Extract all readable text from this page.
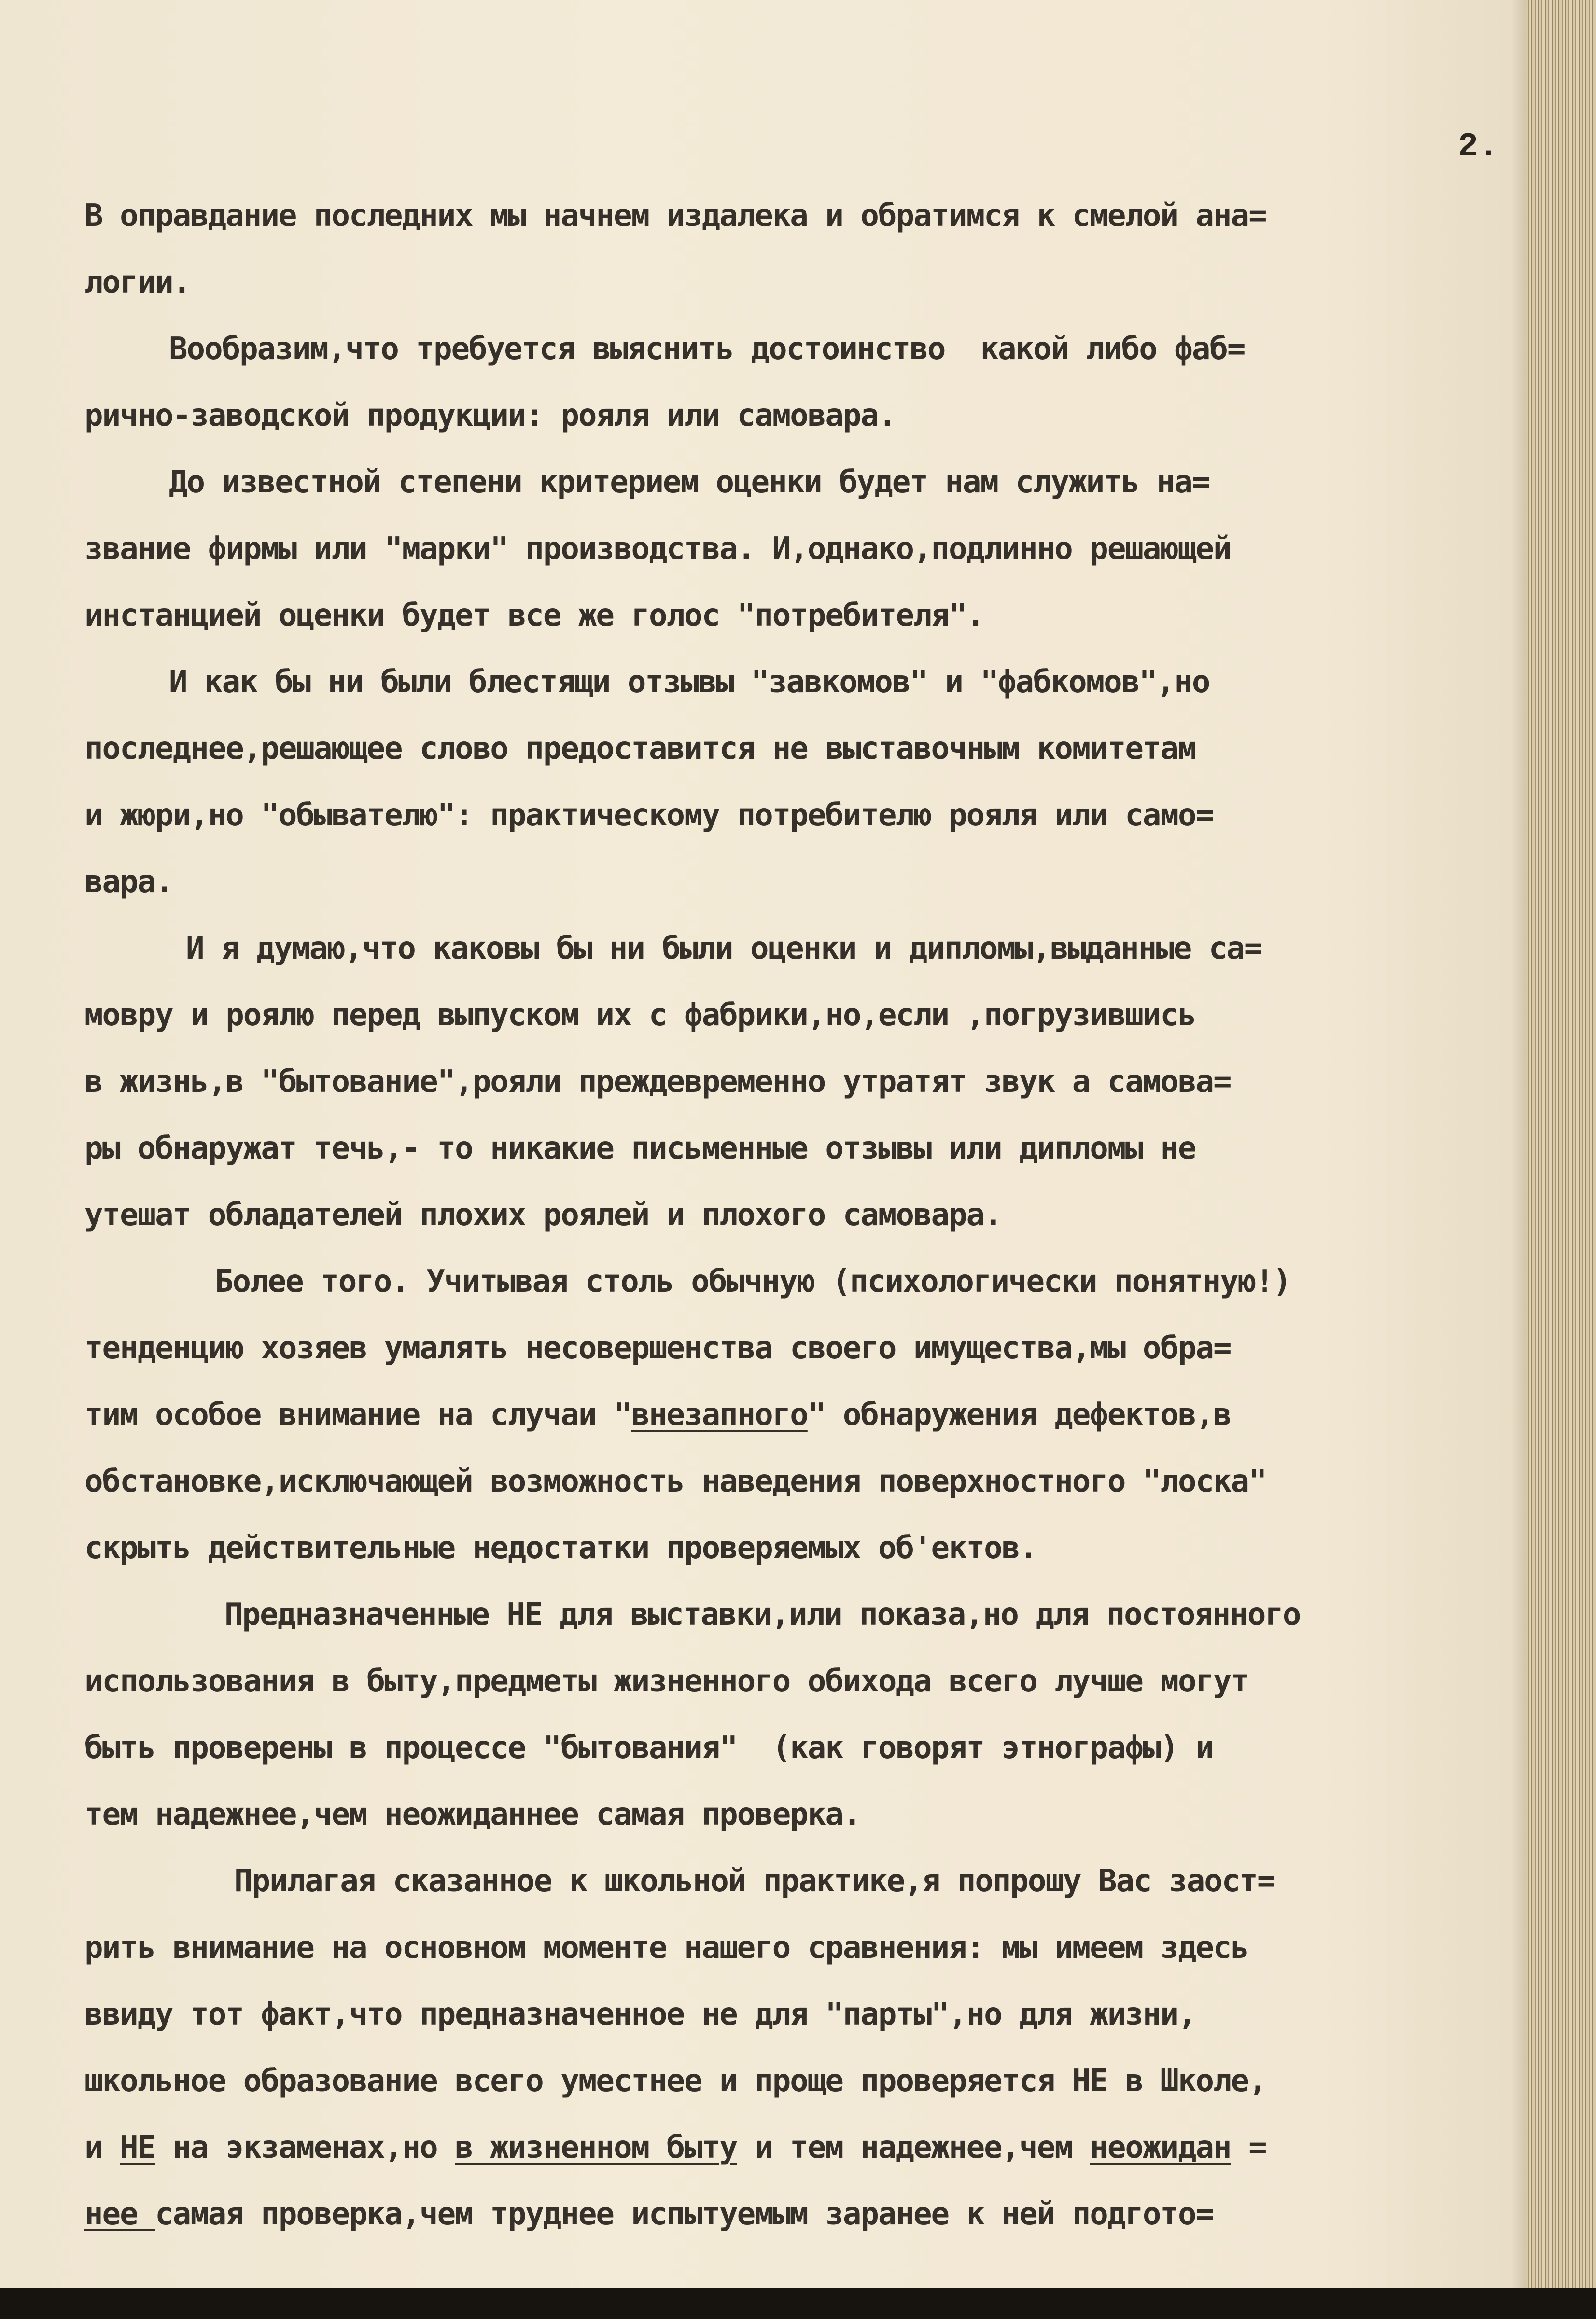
2.
В оправдание последних мы начнем издалека и обратимся к смелой ана=
логии.
Вообразим,что требуется выяснить достоинство  какой либо фаб=
рично-заводской продукции: рояля или самовара.
До известной степени критерием оценки будет нам служить на=
звание фирмы или "марки" производства. И,однако,подлинно решающей
инстанцией оценки будет все же голос "потребителя".
И как бы ни были блестящи отзывы "завкомов" и "фабкомов",но
последнее,решающее слово предоставится не выставочным комитетам
и жюри,но "обывателю": практическому потребителю рояля или само=
вара.
И я думаю,что каковы бы ни были оценки и дипломы,выданные са=
мовру и роялю перед выпуском их с фабрики,но,если ,погрузившись
в жизнь,в "бытование",рояли преждевременно утратят звук а самова=
ры обнаружат течь,- то никакие письменные отзывы или дипломы не
утешат обладателей плохих роялей и плохого самовара.
Более того. Учитывая столь обычную (психологически понятную!)
тенденцию хозяев умалять несовершенства своего имущества,мы обра=
тим особое внимание на случаи "внезапного" обнаружения дефектов,в
обстановке,исключающей возможность наведения поверхностного "лоска"
скрыть действительные недостатки проверяемых об'ектов.
Предназначенные НЕ для выставки,или показа,но для постоянного
использования в быту,предметы жизненного обихода всего лучше могут
быть проверены в процессе "бытования"  (как говорят этнографы) и
тем надежнее,чем неожиданнее самая проверка.
Прилагая сказанное к школьной практике,я попрошу Вас заост=
рить внимание на основном моменте нашего сравнения: мы имеем здесь
ввиду тот факт,что предназначенное не для "парты",но для жизни,
школьное образование всего уместнее и проще проверяется НЕ в Школе,
и НЕ на экзаменах,но в жизненном быту и тем надежнее,чем неожидан =
нее самая проверка,чем труднее испытуемым заранее к ней подгото=
